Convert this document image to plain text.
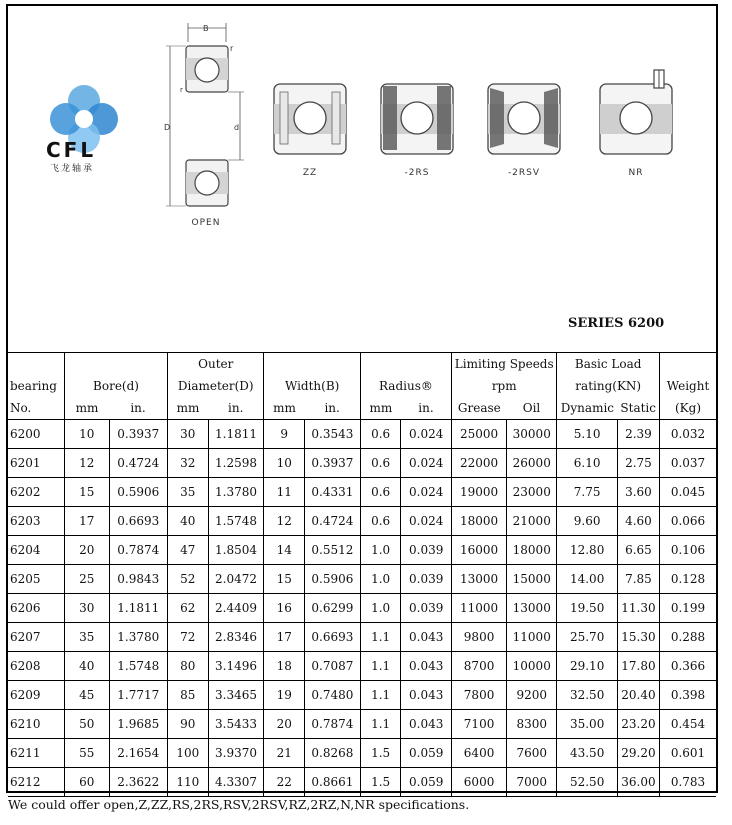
CFL
飞龙轴承
B
r
D	d
r
OPEN
ZZ	-2RS	-2RSV	NR
SERIES 6200
			Outer						Limiting Speeds		Basic Load		
bearing	Bore(d)		Diameter(D)		Width(B)		Radius®		rpm		rating(KN)		Weight
No.	mm	in.	mm	in.	mm	in.	mm	in.	Grease	Oil	Dynamic	Static	(Kg)
6200	10	0.3937	30	1.1811	9	0.3543	0.6	0.024	25000	30000	5.10	2.39	0.032
6201	12	0.4724	32	1.2598	10	0.3937	0.6	0.024	22000	26000	6.10	2.75	0.037
6202	15	0.5906	35	1.3780	11	0.4331	0.6	0.024	19000	23000	7.75	3.60	0.045
6203	17	0.6693	40	1.5748	12	0.4724	0.6	0.024	18000	21000	9.60	4.60	0.066
6204	20	0.7874	47	1.8504	14	0.5512	1.0	0.039	16000	18000	12.80	6.65	0.106
6205	25	0.9843	52	2.0472	15	0.5906	1.0	0.039	13000	15000	14.00	7.85	0.128
6206	30	1.1811	62	2.4409	16	0.6299	1.0	0.039	11000	13000	19.50	11.30	0.199
6207	35	1.3780	72	2.8346	17	0.6693	1.1	0.043	9800	11000	25.70	15.30	0.288
6208	40	1.5748	80	3.1496	18	0.7087	1.1	0.043	8700	10000	29.10	17.80	0.366
6209	45	1.7717	85	3.3465	19	0.7480	1.1	0.043	7800	9200	32.50	20.40	0.398
6210	50	1.9685	90	3.5433	20	0.7874	1.1	0.043	7100	8300	35.00	23.20	0.454
6211	55	2.1654	100	3.9370	21	0.8268	1.5	0.059	6400	7600	43.50	29.20	0.601
6212	60	2.3622	110	4.3307	22	0.8661	1.5	0.059	6000	7000	52.50	36.00	0.783
We could offer open,Z,ZZ,RS,2RS,RSV,2RSV,RZ,2RZ,N,NR specifications.
